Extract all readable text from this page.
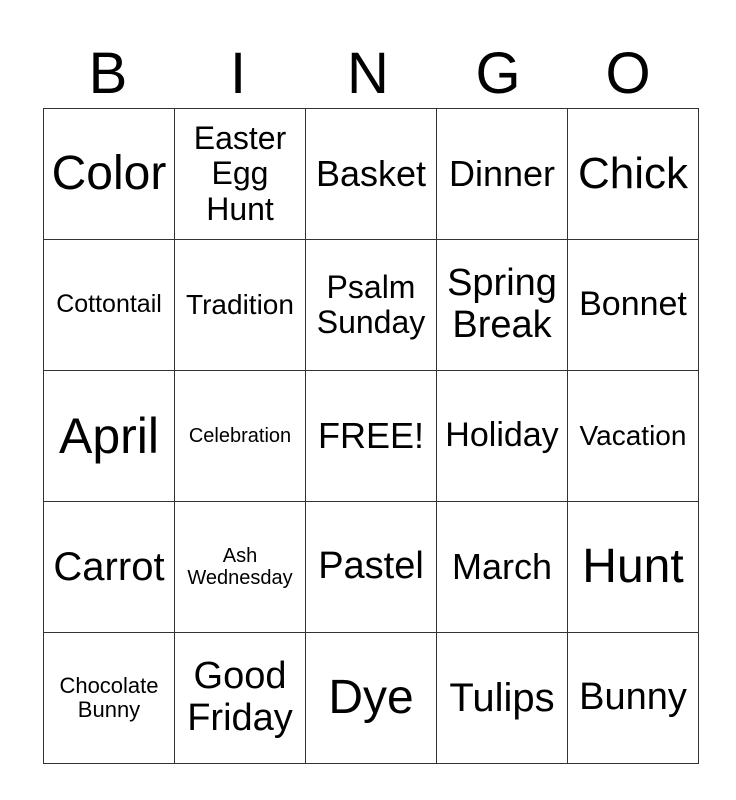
B	I	N	G	O
Color	Easter Egg Hunt	Basket	Dinner	Chick
Cottontail	Tradition	Psalm Sunday	Spring Break	Bonnet
April	Celebration	FREE!	Holiday	Vacation
Carrot	Ash Wednesday	Pastel	March	Hunt
Chocolate Bunny	Good Friday	Dye	Tulips	Bunny
